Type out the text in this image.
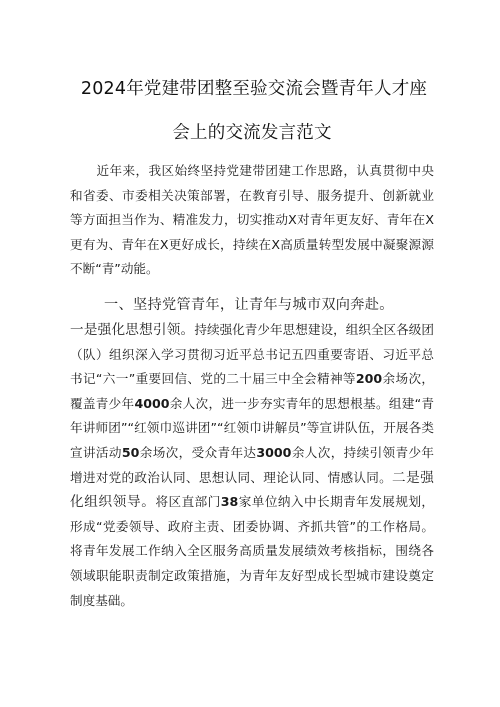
2024年党建带团整至验交流会暨青年人才座
会上的交流发言范文

近年来，我区始终坚持党建带团建工作思路，认真贯彻中央和省委、市委相关决策部署，在教育引导、服务提升、创新就业等方面担当作为、精准发力，切实推动X对青年更友好、青年在X更有为、青年在X更好成长，持续在X高质量转型发展中凝聚源源不断“青”动能。

一、坚持党管青年，让青年与城市双向奔赴。
一是强化思想引领。持续强化青少年思想建设，组织全区各级团（队）组织深入学习贯彻习近平总书记五四重要寄语、习近平总书记“六一”重要回信、党的二十届三中全会精神等200余场次，覆盖青少年4000余人次，进一步夯实青年的思想根基。组建“青年讲师团”“红领巾巡讲团”“红领巾讲解员”等宣讲队伍，开展各类宣讲活动50余场次，受众青年达3000余人次，持续引领青少年增进对党的政治认同、思想认同、理论认同、情感认同。二是强化组织领导。将区直部门38家单位纳入中长期青年发展规划，形成“党委领导、政府主责、团委协调、齐抓共管”的工作格局。将青年发展工作纳入全区服务高质量发展绩效考核指标，围绕各领域职能职责制定政策措施，为青年友好型成长型城市建设奠定制度基础。
